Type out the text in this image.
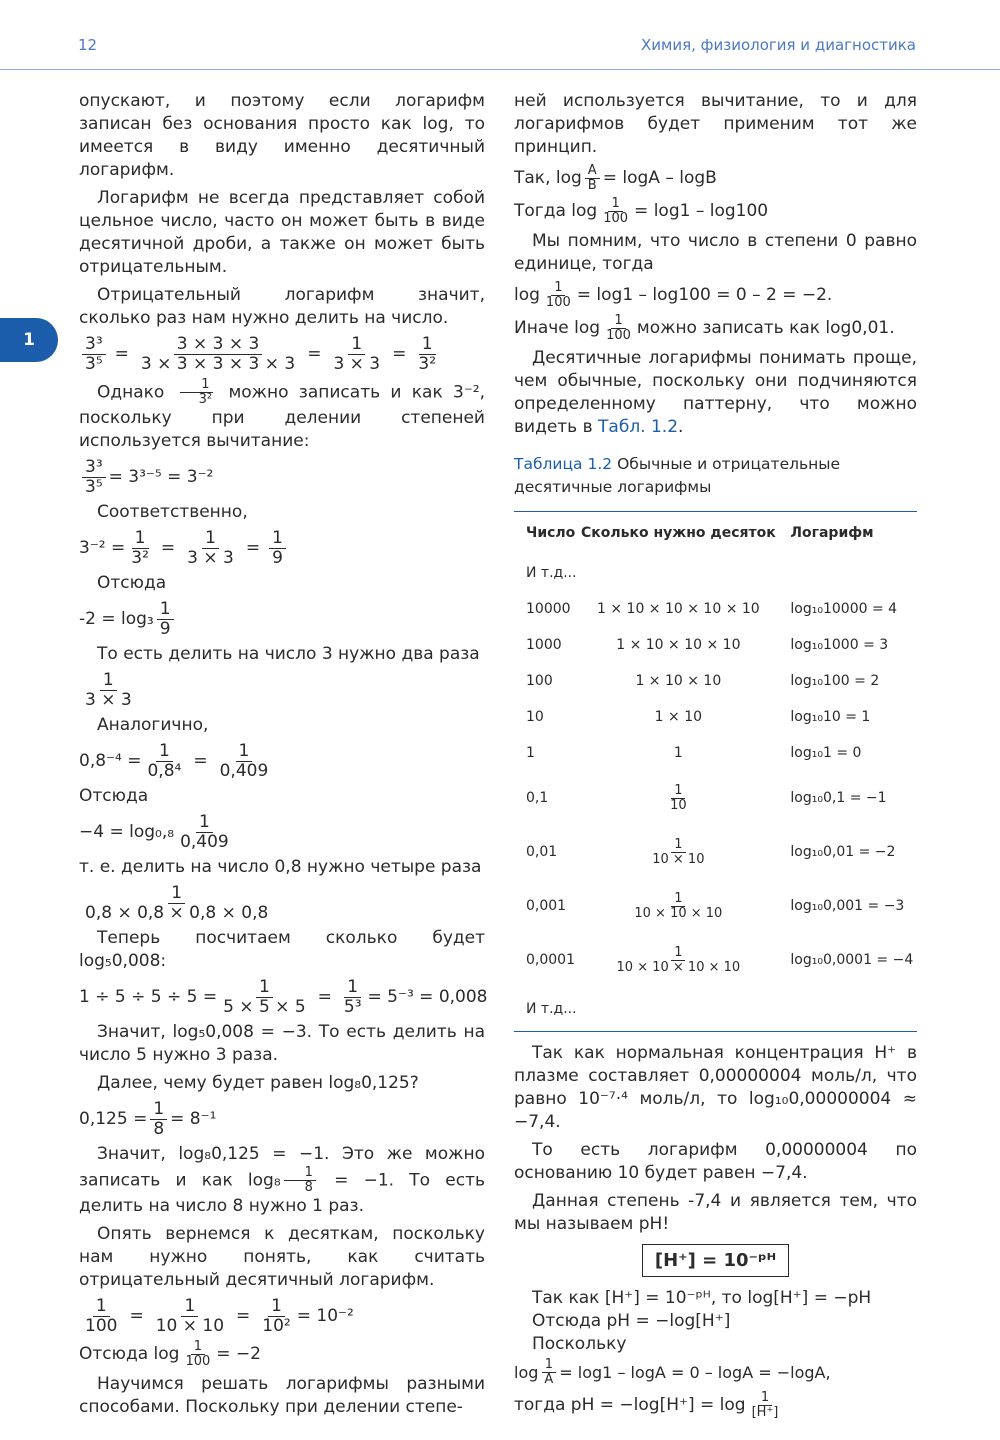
12	Химия, физиология и диагностика
1

опускают, и поэтому если логарифм записан без основания просто как log, то имеется в виду именно десятичный логарифм.

Логарифм не всегда представляет собой цельное число, часто он может быть в виде десятичной дроби, а также он может быть отрицательным.

Отрицательный логарифм значит, сколько раз нам нужно делить на число.

$\frac{\text{3³}}{\text{3⁵}} = \frac{3 \times 3 \times 3}{3 \times 3 \times 3 \times 3 \times 3} = \frac{1}{3 \times 3} = \frac{1}{\text{3²}}$

Однако $\frac{1}{\text{3²}}$ можно записать и как 3⁻², поскольку при делении степеней используется вычитание:

$\frac{\text{3³}}{\text{3⁵}} = 3^{3-5} = 3^{-2}$

Соответственно,

$3^{-2} = \frac{1}{\text{3²}} = \frac{1}{3 \times 3} = \frac{1}{9}$

Отсюда

-2 = log₃ 1
9

То есть делить на число 3 нужно два раза

1
3 × 3

Аналогично,

$0,8^{-4} = \frac{1}{\text{0,8⁴}} = \frac{1}{0,409}$

Отсюда

−4 = log₀,₈ 1
0,409

т. е. делить на число 0,8 нужно четыре раза

1
0,8 × 0,8 × 0,8 × 0,8

Теперь посчитаем сколько будет log₅0,008:

$1 \div 5 \div 5 \div 5 = \frac{1}{5 \times 5 \times 5} = \frac{1}{\text{5³}} = 5^{-3} = 0,008$

Значит, log₅0,008 = −3. То есть делить на число 5 нужно 3 раза.

Далее, чему будет равен log₈0,125?

$0,125 = \frac{1}{8} = 8^{-1}$

Значит, log₈0,125 = −1. Это же можно записать и как $\log_8 \frac{1}{8} = -1$. То есть делить на число 8 нужно 1 раз.

Опять вернемся к десяткам, поскольку нам нужно понять, как считать отрицательный десятичный логарифм.

$\frac{1}{100} = \frac{1}{10 \times 10} = \frac{1}{\text{10²}} = 10^{-2}$
Отсюда $\log \frac{1}{100} = -2$

Научимся решать логарифмы разными способами. Поскольку при делении степе-

ней используется вычитание, то и для логарифмов будет применим тот же принцип.

Так, $\log \frac{A}{B} = \log A - \log B$
Тогда $\log \frac{1}{100} = \log 1 - \log 100$

Мы помним, что число в степени 0 равно единице, тогда

$\log \frac{1}{100} = \log 1 - \log 100 = 0 - 2 = -2$.
Иначе log 1
100 можно записать как log0,01.

Десятичные логарифмы понимать проще, чем обычные, поскольку они подчиняются определенному паттерну, что можно видеть в Табл. 1.2.

Таблица 1.2 Обычные и отрицательные десятичные логарифмы
Число	Сколько нужно десяток	Логарифм
И т.д...		
10000	1 × 10 × 10 × 10 × 10	log₁₀10000 = 4
1000	1 × 10 × 10 × 10	log₁₀1000 = 3
100	1 × 10 × 10	log₁₀100 = 2
10	1 × 10	log₁₀10 = 1
1	1	log₁₀1 = 0
0,1	$\frac{1}{10}$	log₁₀0,1 = −1
0,01	$\frac{1}{10 \times 10}$	log₁₀0,01 = −2
0,001	$\frac{1}{10 \times 10 \times 10}$	log₁₀0,001 = −3
0,0001	$\frac{1}{10 \times 10 \times 10 \times 10}$	log₁₀0,0001 = −4
И т.д...		

Так как нормальная концентрация H⁺ в плазме составляет 0,00000004 моль/л, что равно 10⁻⁷·⁴ моль/л, то log₁₀0,00000004 ≈ −7,4.

То есть логарифм 0,00000004 по основанию 10 будет равен −7,4.

Данная степень -7,4 и является тем, что мы называем pH!

[H⁺] = 10⁻ᵖᴴ
Так как [H⁺] = 10⁻ᵖᴴ, то log[H⁺] = −pH
Отсюда pH = −log[H⁺]
Поскольку
$\log \frac{1}{A} = \log 1 - \log A = 0 - \log A = -\log A$,
тогда pH = −log[H⁺] = log 1
[H⁺]
